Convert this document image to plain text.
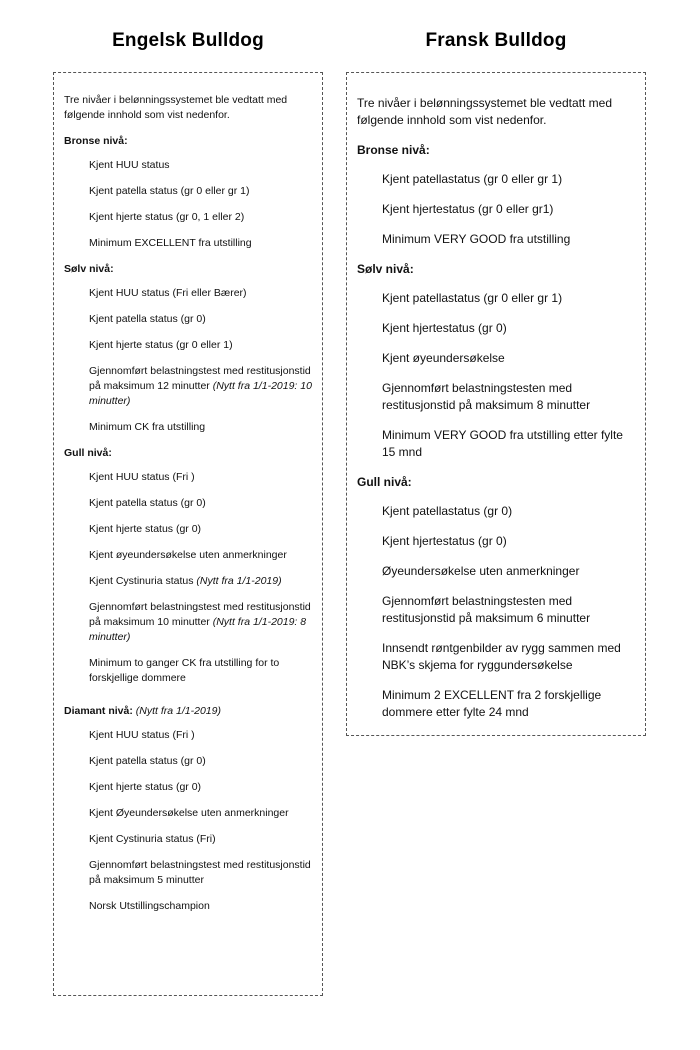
Engelsk Bulldog

Tre nivåer i belønningssystemet ble vedtatt med følgende innhold som vist nedenfor.

Bronse nivå:

Kjent HUU status
Kjent patella status (gr 0 eller gr 1)
Kjent hjerte status (gr 0, 1 eller 2)
Minimum EXCELLENT fra utstilling

Sølv nivå:

Kjent HUU status (Fri eller Bærer)
Kjent patella status (gr 0)
Kjent hjerte status (gr 0 eller 1)
Gjennomført belastningstest med restitusjonstid på maksimum 12 minutter (Nytt fra 1/1-2019: 10 minutter)
Minimum CK fra utstilling

Gull nivå:

Kjent HUU status (Fri )
Kjent patella status (gr 0)
Kjent hjerte status (gr 0)
Kjent øyeundersøkelse uten anmerkninger
Kjent Cystinuria status (Nytt fra 1/1-2019)
Gjennomført belastningstest med restitusjonstid på maksimum 10 minutter (Nytt fra 1/1-2019: 8 minutter)
Minimum to ganger CK fra utstilling for to forskjellige dommere

Diamant nivå: (Nytt fra 1/1-2019)

Kjent HUU status (Fri )
Kjent patella status (gr 0)
Kjent hjerte status (gr 0)
Kjent Øyeundersøkelse uten anmerkninger
Kjent Cystinuria status (Fri)
Gjennomført belastningstest med restitusjonstid på maksimum 5 minutter
Norsk Utstillingschampion
Fransk Bulldog

Tre nivåer i belønningssystemet ble vedtatt med følgende innhold som vist nedenfor.

Bronse nivå:

Kjent patellastatus (gr 0 eller gr 1)
Kjent hjertestatus (gr 0 eller gr1)
Minimum VERY GOOD fra utstilling

Sølv nivå:

Kjent patellastatus (gr 0 eller gr 1)
Kjent hjertestatus (gr 0)
Kjent øyeundersøkelse
Gjennomført belastningstesten med restitusjonstid på maksimum 8 minutter
Minimum VERY GOOD fra utstilling etter fylte 15 mnd

Gull nivå:

Kjent patellastatus (gr 0)
Kjent hjertestatus (gr 0)
Øyeundersøkelse uten anmerkninger
Gjennomført belastningstesten med restitusjonstid på maksimum 6 minutter
Innsendt røntgenbilder av rygg sammen med NBK’s skjema for ryggundersøkelse
Minimum 2 EXCELLENT fra 2 forskjellige dommere etter fylte 24 mnd
